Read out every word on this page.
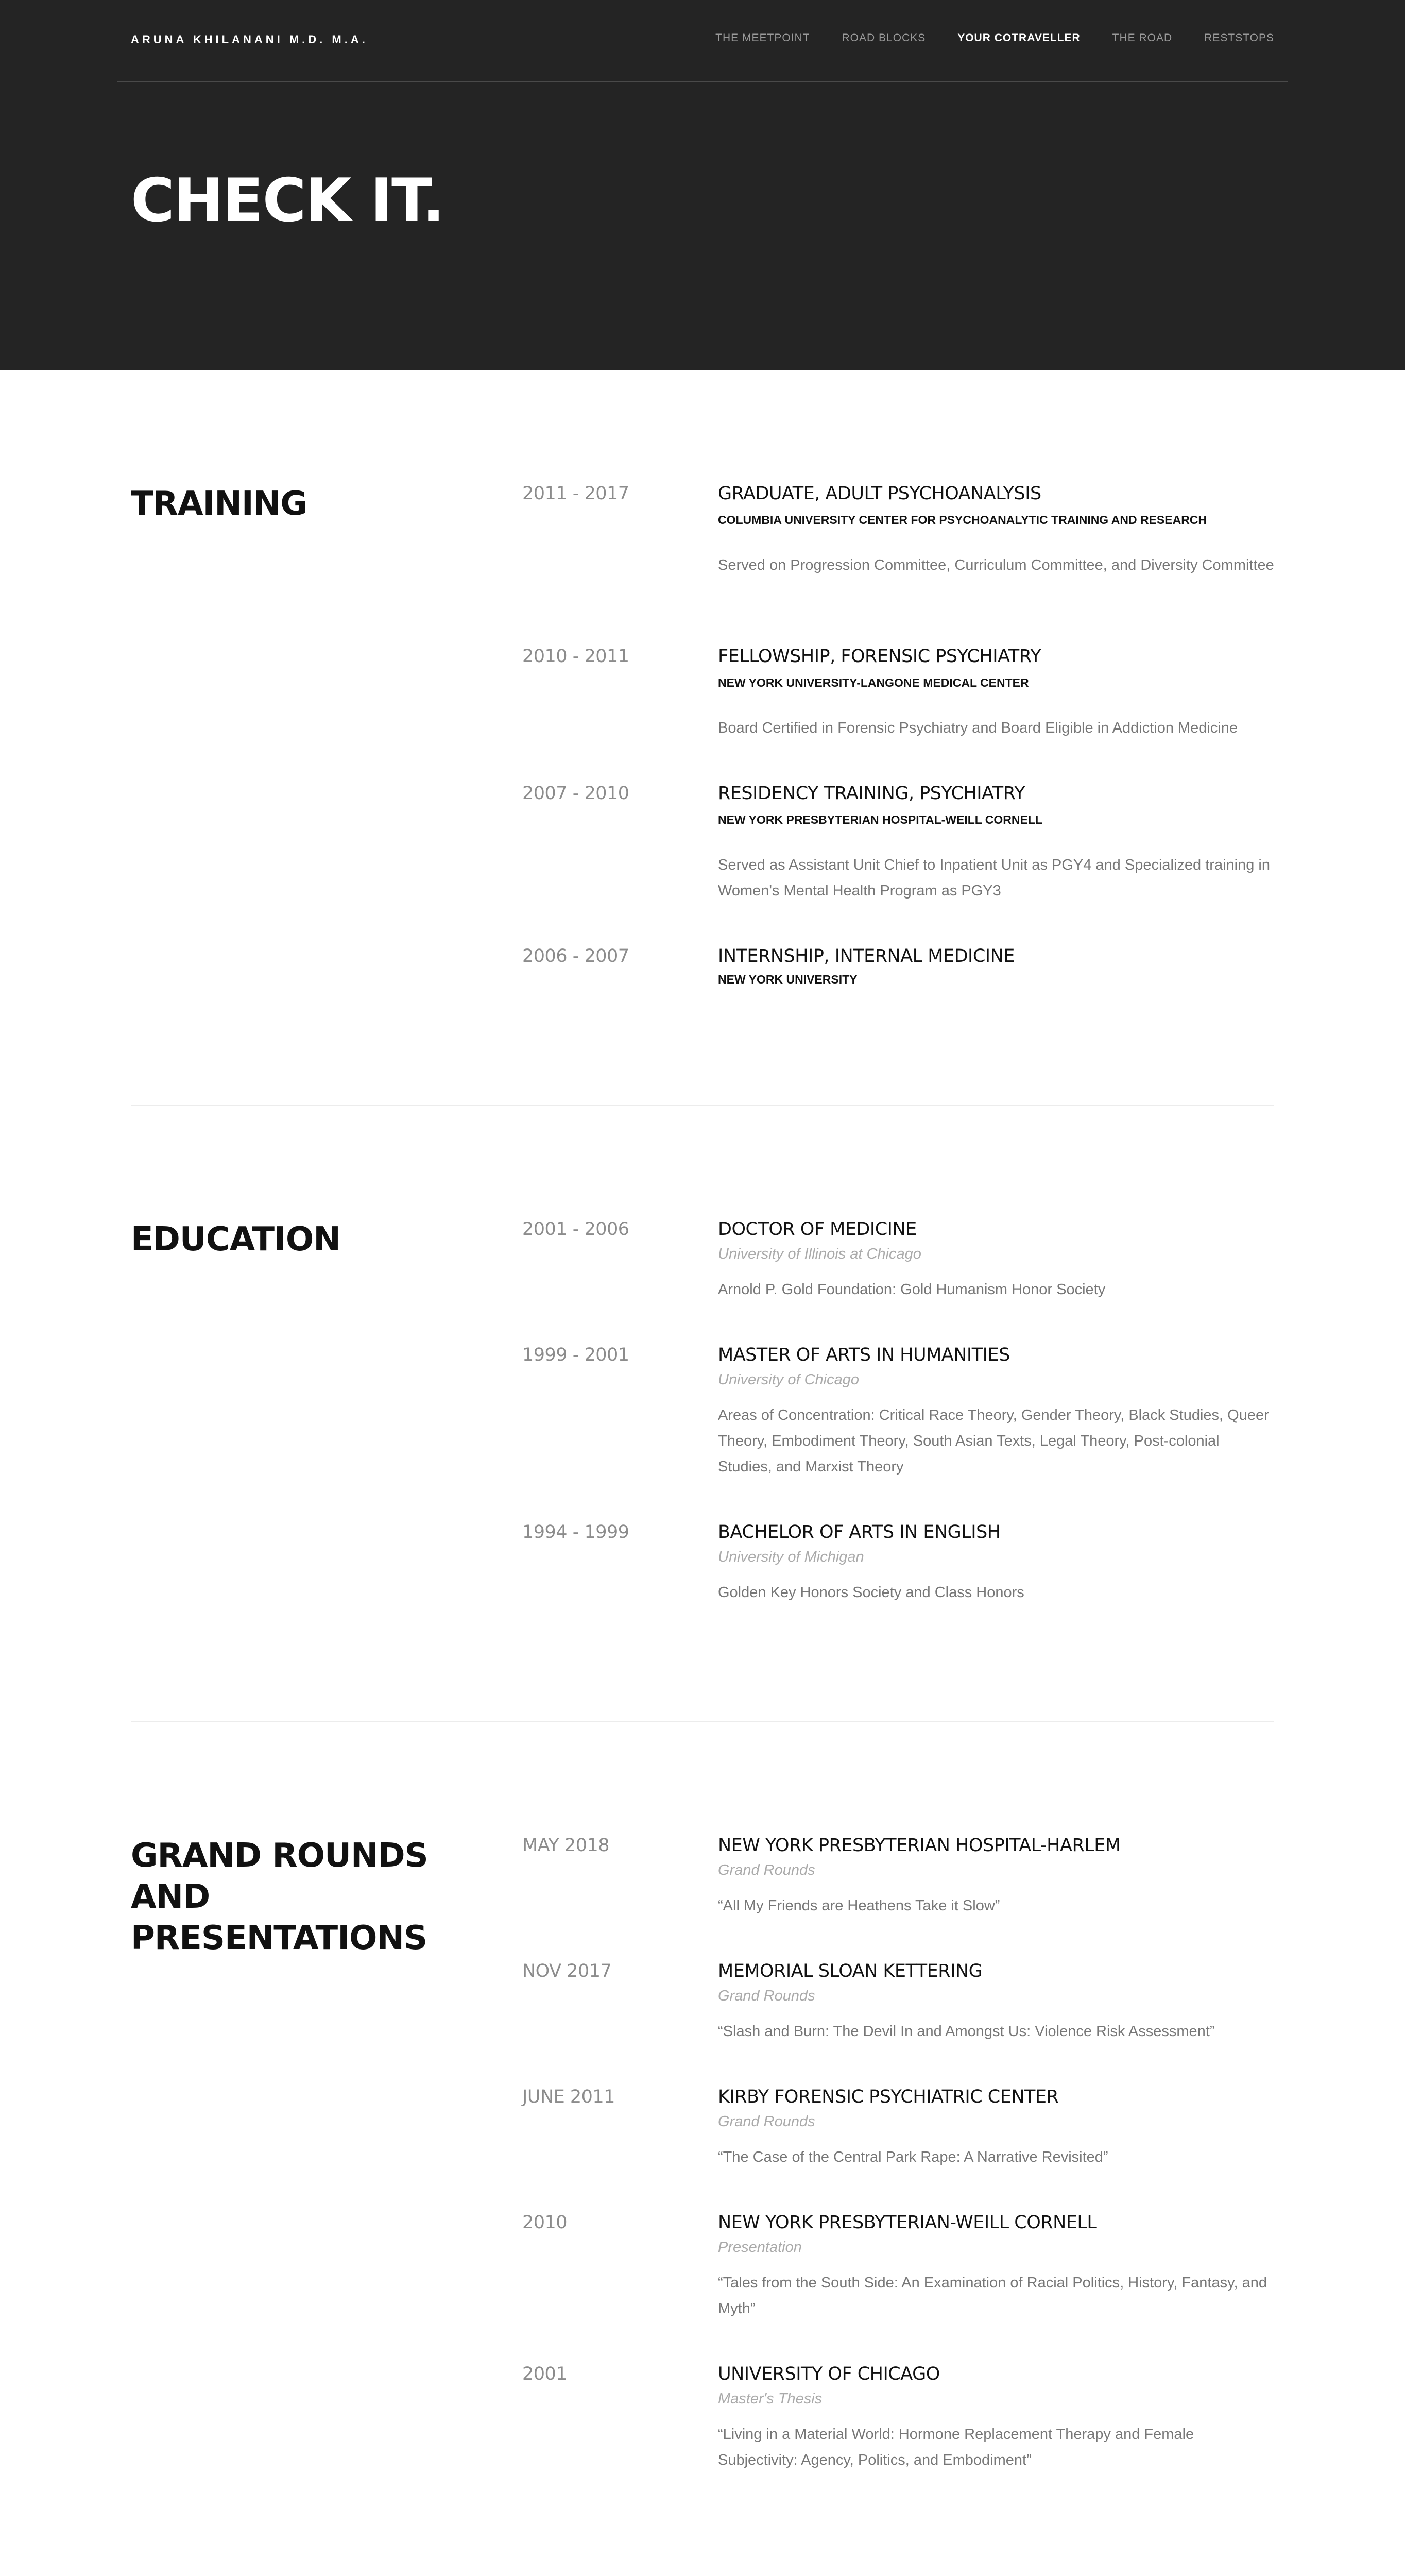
ARUNA KHILANANI M.D. M.A.	THE MEETPOINT	ROAD BLOCKS	YOUR COTRAVELLER	THE ROAD	RESTSTOPS
CHECK IT.
TRAINING	2011 - 2017	GRADUATE, ADULT PSYCHOANALYSIS
COLUMBIA UNIVERSITY CENTER FOR PSYCHOANALYTIC TRAINING AND RESEARCH
Served on Progression Committee, Curriculum Committee, and Diversity Committee
2010 - 2011	FELLOWSHIP, FORENSIC PSYCHIATRY
NEW YORK UNIVERSITY-LANGONE MEDICAL CENTER
Board Certified in Forensic Psychiatry and Board Eligible in Addiction Medicine
2007 - 2010	RESIDENCY TRAINING, PSYCHIATRY
NEW YORK PRESBYTERIAN HOSPITAL-WEILL CORNELL
Served as Assistant Unit Chief to Inpatient Unit as PGY4 and Specialized training in Women's Mental Health Program as PGY3
2006 - 2007	INTERNSHIP, INTERNAL MEDICINE
NEW YORK UNIVERSITY
EDUCATION	2001 - 2006	DOCTOR OF MEDICINE
University of Illinois at Chicago
Arnold P. Gold Foundation: Gold Humanism Honor Society
1999 - 2001	MASTER OF ARTS IN HUMANITIES
University of Chicago
Areas of Concentration: Critical Race Theory, Gender Theory, Black Studies, Queer Theory, Embodiment Theory, South Asian Texts, Legal Theory, Post-colonial Studies, and Marxist Theory
1994 - 1999	BACHELOR OF ARTS IN ENGLISH
University of Michigan
Golden Key Honors Society and Class Honors
GRAND ROUNDS AND PRESENTATIONS
MAY 2018	NEW YORK PRESBYTERIAN HOSPITAL-HARLEM
Grand Rounds
“All My Friends are Heathens Take it Slow”
NOV 2017	MEMORIAL SLOAN KETTERING
Grand Rounds
“Slash and Burn: The Devil In and Amongst Us: Violence Risk Assessment”
JUNE 2011	KIRBY FORENSIC PSYCHIATRIC CENTER
Grand Rounds
“The Case of the Central Park Rape: A Narrative Revisited”
2010	NEW YORK PRESBYTERIAN-WEILL CORNELL
Presentation
“Tales from the South Side: An Examination of Racial Politics, History, Fantasy, and Myth”
2001	UNIVERSITY OF CHICAGO
Master's Thesis
“Living in a Material World: Hormone Replacement Therapy and Female Subjectivity: Agency, Politics, and Embodiment”
